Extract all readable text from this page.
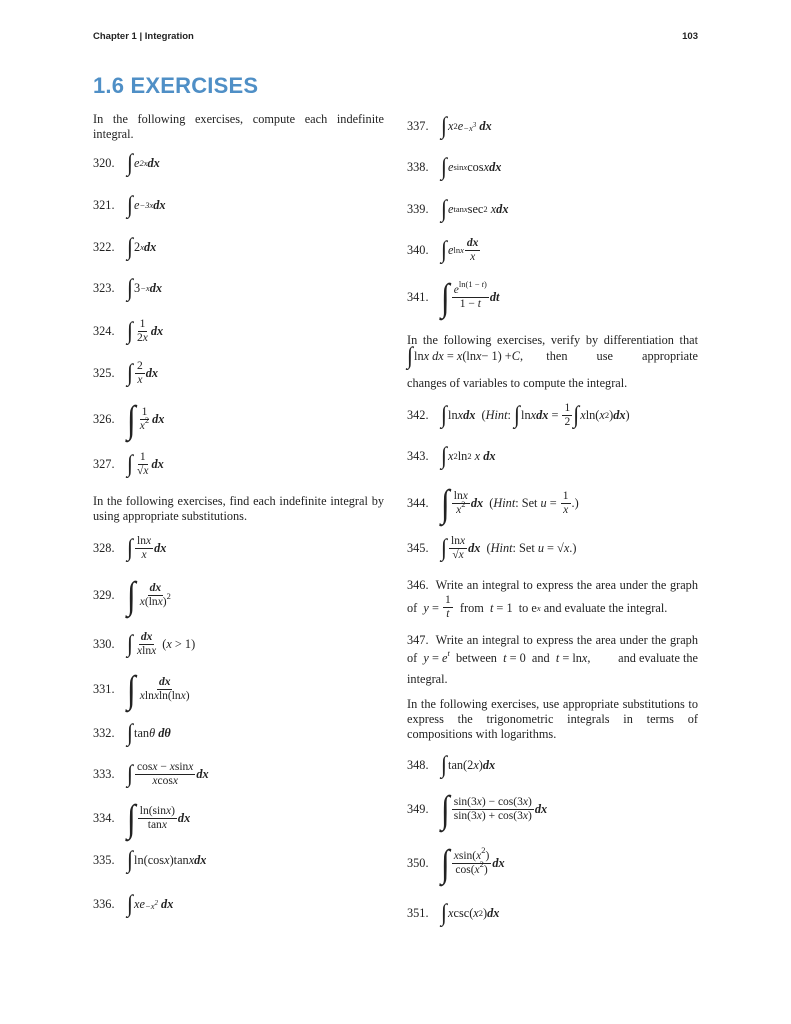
Chapter 1 | Integration	103
1.6 EXERCISES
In the following exercises, compute each indefinite integral.
320. ∫ e 2x dx
321. ∫ e −3x dx
322. ∫ 2 x dx
323. ∫ 3 −x dx
324. ∫ $\frac{1}{2x}$ dx
325. ∫ $\frac{2}{x}$ dx
326. ∫ $\frac{1}{x^2}$ dx
327. ∫ $\frac{1}{√x}$ dx
In the following exercises, find each indefinite integral by using appropriate substitutions.
328. ∫ $\frac{\ln x}{x}$ dx
329. ∫ $\frac{dx}{x(\ln x)^2}$
330. ∫ $\frac{dx}{xlnx}$ ( x > 1)
331. ∫ $\frac{dx}{\text{xlnxln(lnx)}}$
332. ∫ tan θ
dθ
333. ∫ $\frac{\cos x - xsinx}{xcosx}$ dx
334. ∫ $\frac{\ln(\sin x)}{\tan x}$ dx
335. ∫ ln(cos x )tan x dx
336. ∫ xe $-x^2$
dx
337. ∫ x 2 $e -x^3$
dx
338. ∫ e sinx cos x dx
339. ∫ e tanx sec 2
x dx
340. ∫ e lnx $\frac{dx}{x}$
341. ∫ $\frac{e^{ln(1 - t)}}{1 - t}$ dt
In the following exercises, verify by differentiation that
∫ ln x
dx = x (ln x − 1) + C , then use appropriate
changes of variables to compute the integral.
342. ∫ ln x dx ( Hint : ∫ ln x dx = $\frac{1}{2}$ ∫ x ln( x 2 ) dx )
343. ∫ x 2 ln 2
x
dx
344. ∫ $\frac{\ln x}{x^2}$ dx ( Hint : Set $u = \frac{1}{x}$ .)
345. ∫ $\frac{\ln x}{√x}$ dx ( Hint : Set
u = √ x .)
346. Write an integral to express the area under the graph
of
$y = \frac{1}{t}$
from
t = 1 to e x
and evaluate the integral.
347. Write an integral to express the area under the graph
of $y = e^t$ between t = 0  and t = lnx, and evaluate the
integral.
In the following exercises, use appropriate substitutions to express the trigonometric integrals in terms of compositions with logarithms.
348. ∫ tan(2 x ) dx
349. ∫ $\frac{\sin(3x) - \cos(3x)}{\sin(3x) + \cos(3x)}$ dx
350. ∫ $\frac{xsin(x^2)}{\cos(x^2)}$ dx
351. ∫ x csc( x 2 ) dx
